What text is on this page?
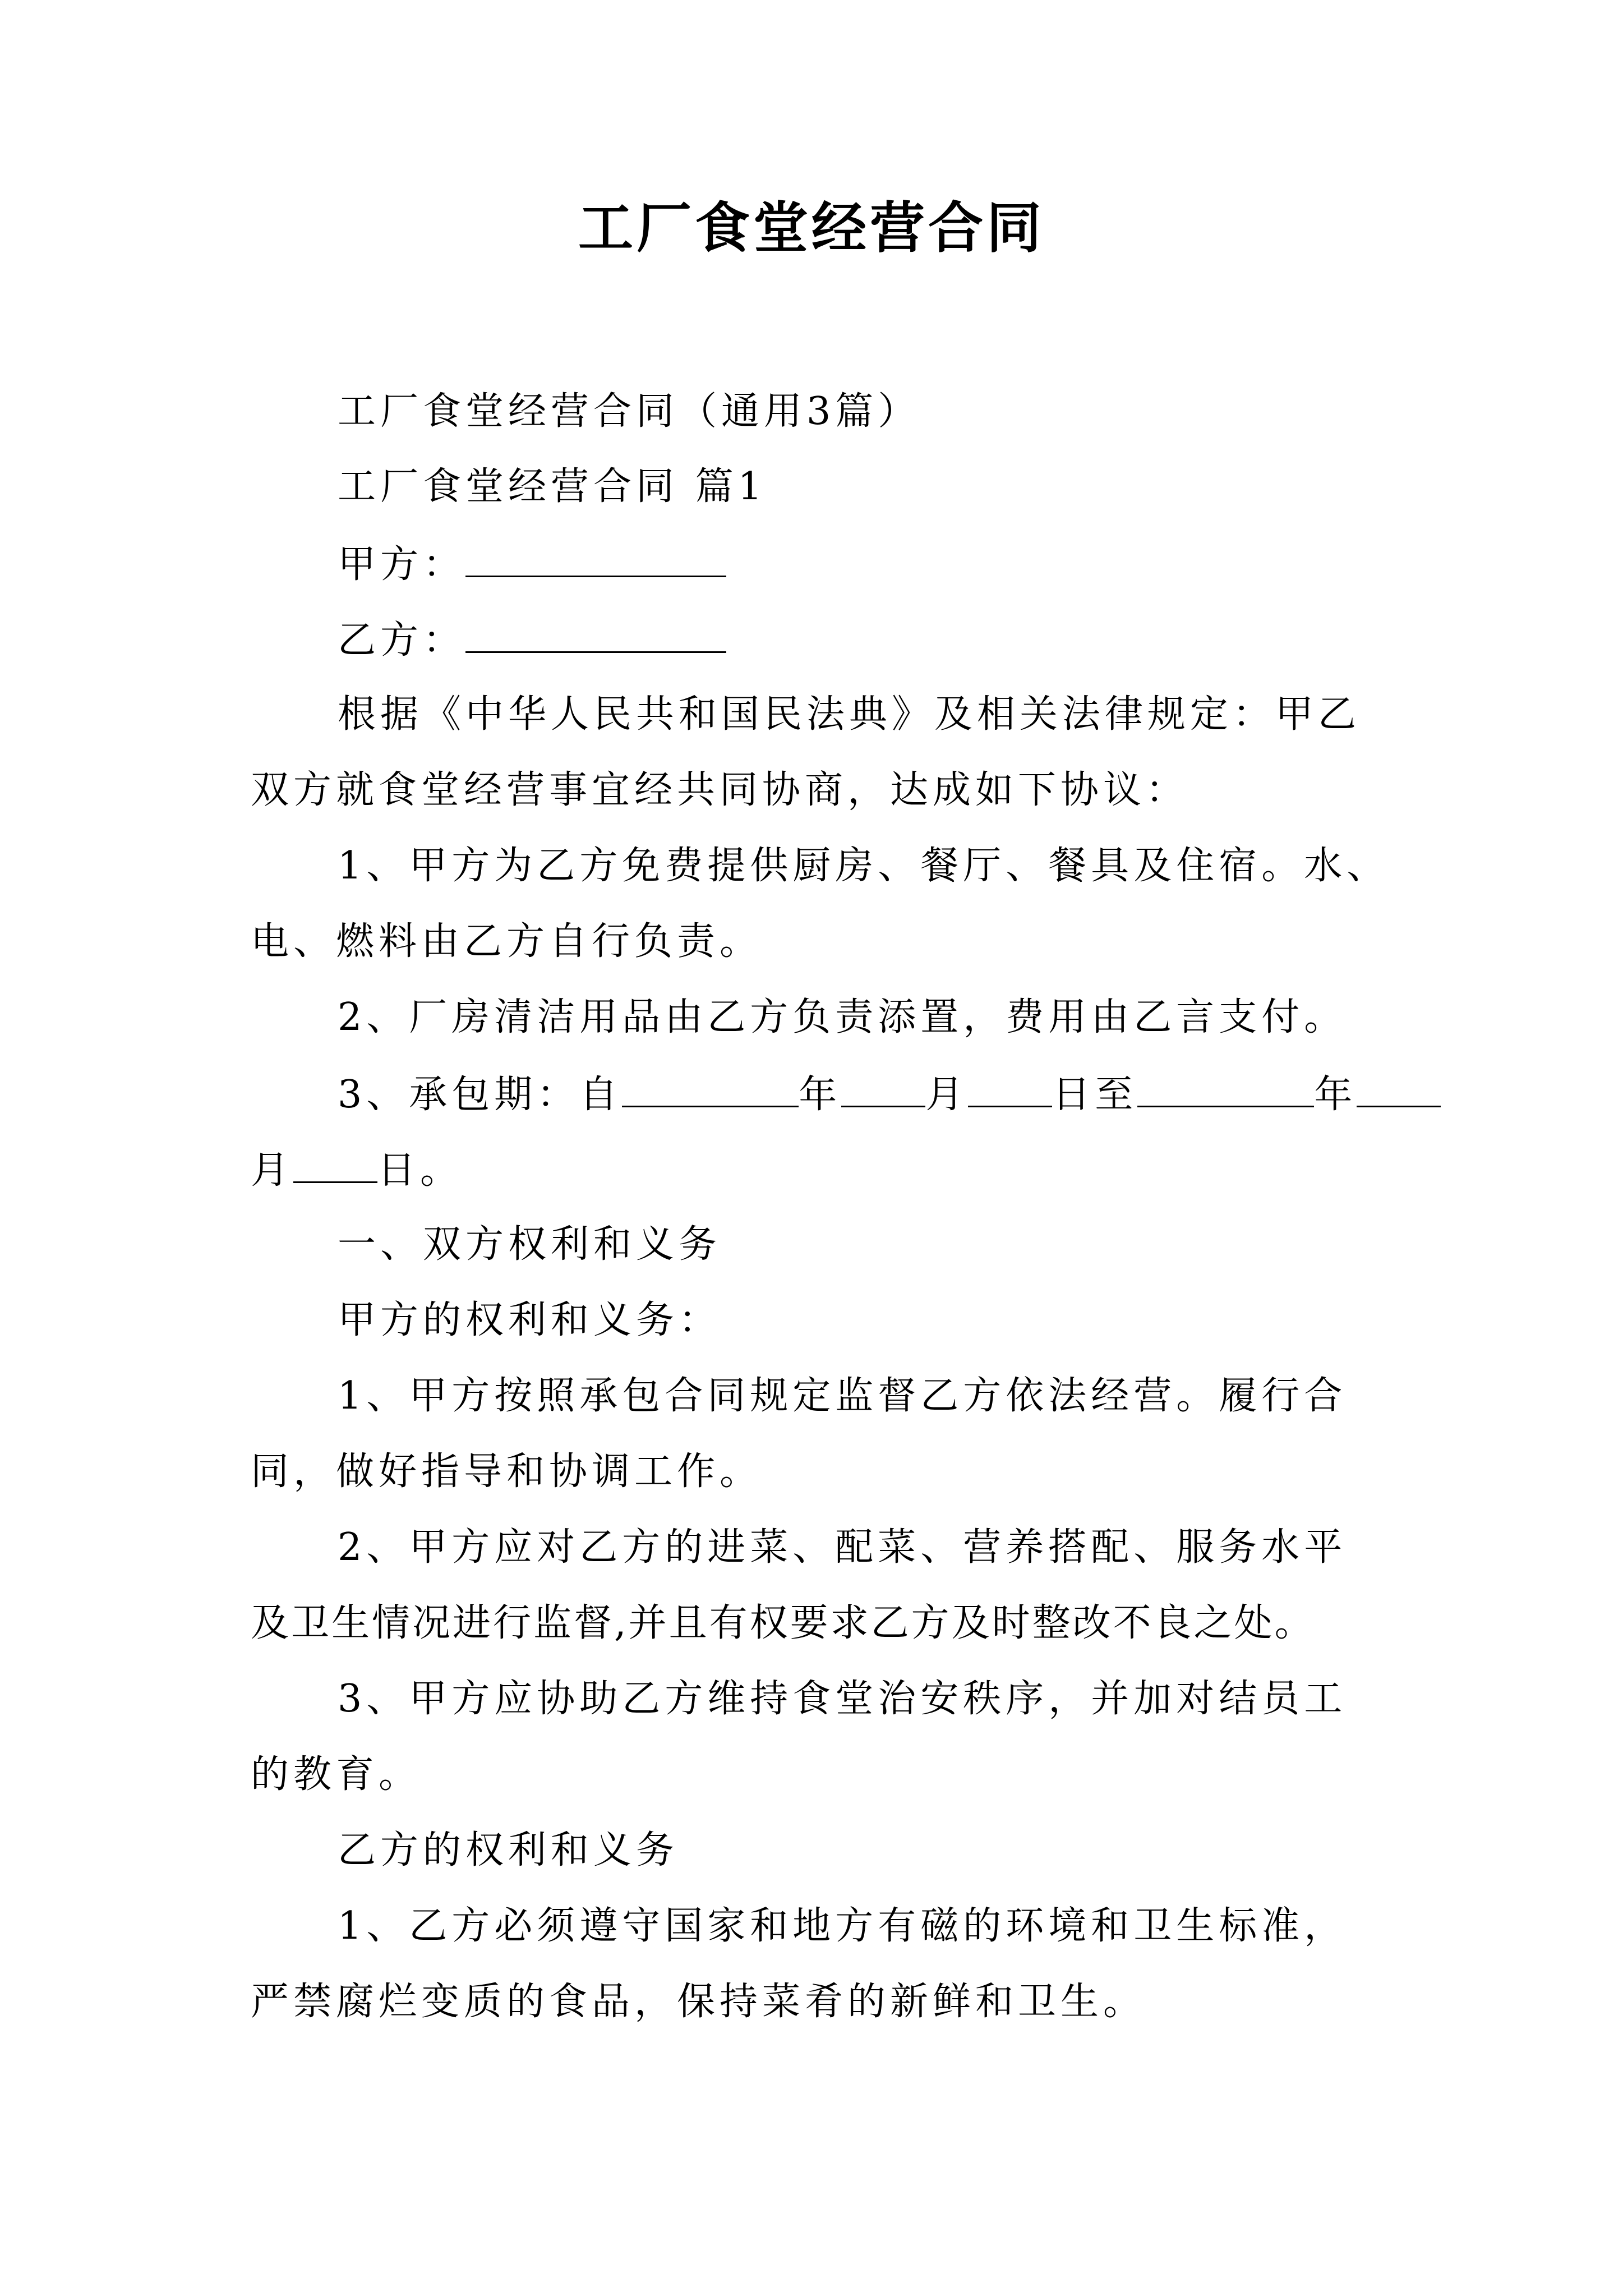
工厂食堂经营合同
工厂食堂经营合同（通用3篇）
工厂食堂经营合同 篇1
甲方：
乙方：
根据《中华人民共和国民法典》及相关法律规定：甲乙
双方就食堂经营事宜经共同协商，达成如下协议：
1、甲方为乙方免费提供厨房、餐厅、餐具及住宿。水、
电、燃料由乙方自行负责。
2、厂房清洁用品由乙方负责添置，费用由乙言支付。
3、承包期：自	年 月 日至	年
月 日。
一、双方权利和义务
甲方的权利和义务：
1、甲方按照承包合同规定监督乙方依法经营。履行合
同，做好指导和协调工作。
2、甲方应对乙方的进菜、配菜、营养搭配、服务水平
及卫生情况进行监督,并且有权要求乙方及时整改不良之处。
3、甲方应协助乙方维持食堂治安秩序，并加对结员工
的教育。
乙方的权利和义务
1、乙方必须遵守国家和地方有磁的环境和卫生标准，
严禁腐烂变质的食品，保持菜肴的新鲜和卫生。
